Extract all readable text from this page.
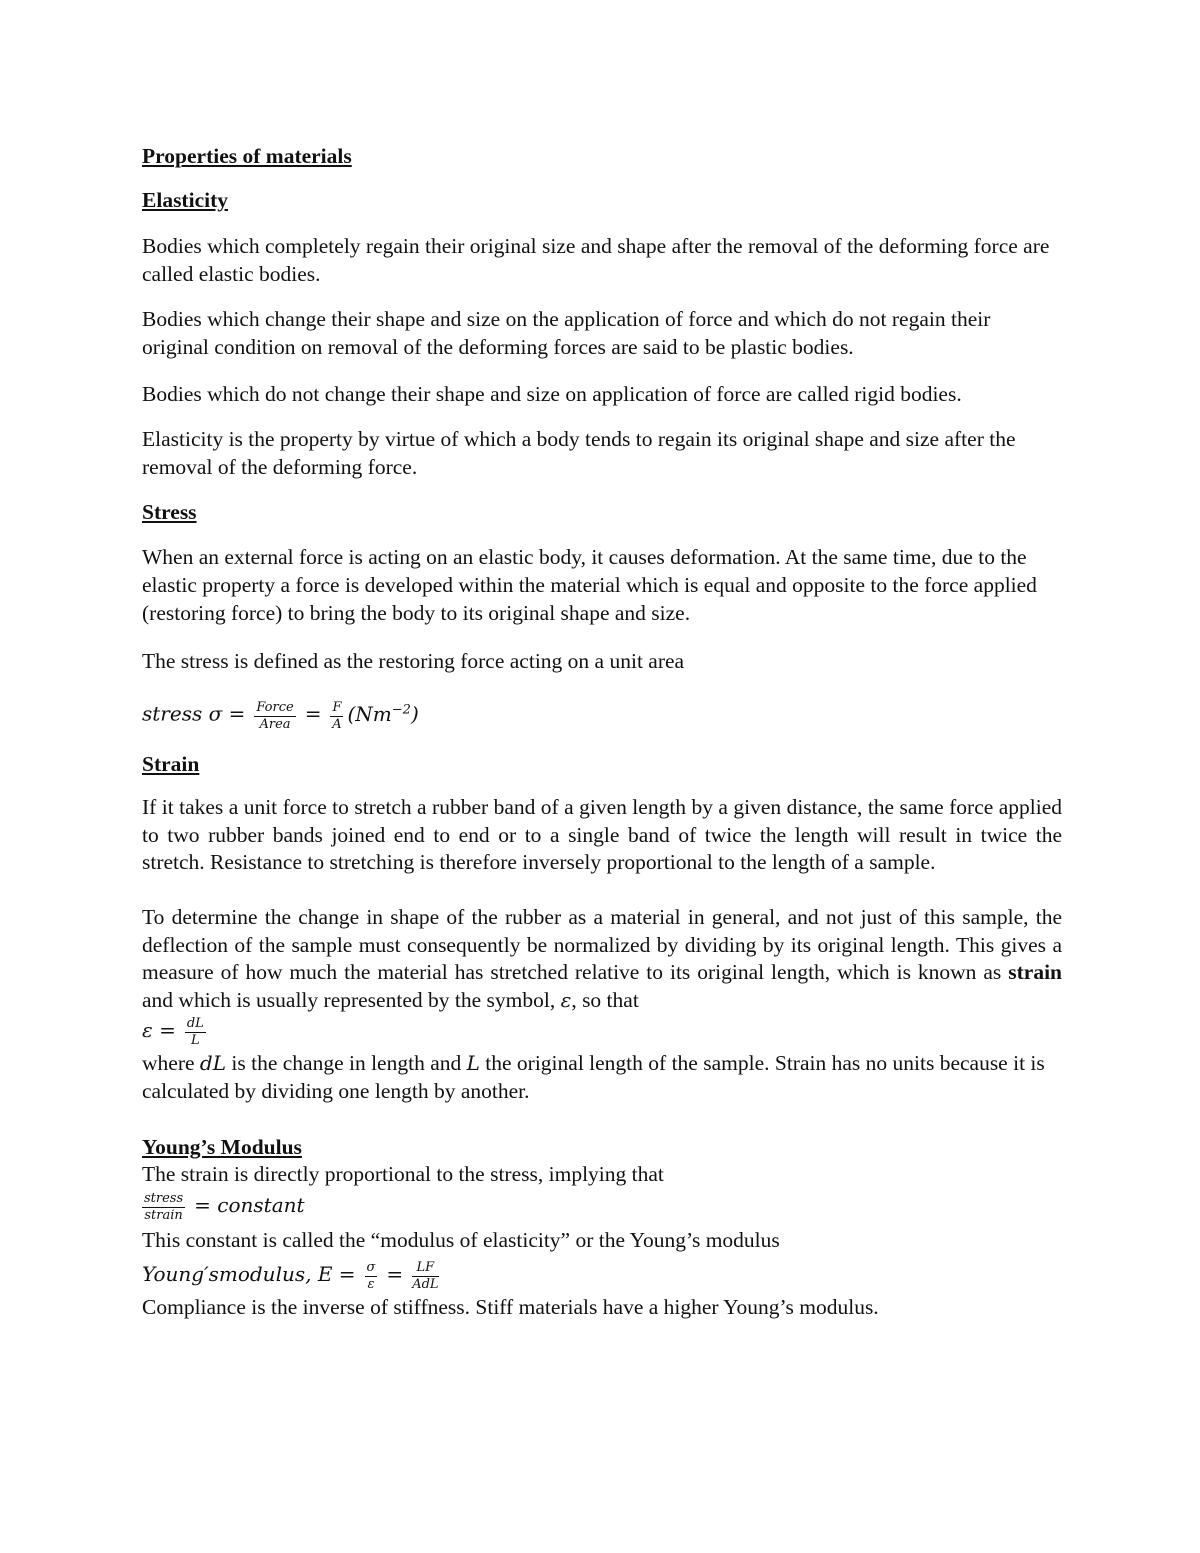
Properties of materials
Elasticity
Bodies which completely regain their original size and shape after the removal of the deforming force are called elastic bodies.
Bodies which change their shape and size on the application of force and which do not regain their original condition on removal of the deforming forces are said to be plastic bodies.
Bodies which do not change their shape and size on application of force are called rigid bodies.
Elasticity is the property by virtue of which a body tends to regain its original shape and size after the removal of the deforming force.
Stress
When an external force is acting on an elastic body, it causes deformation. At the same time, due to the elastic property a force is developed within the material which is equal and opposite to the force applied (restoring force) to bring the body to its original shape and size.
The stress is defined as the restoring force acting on a unit area
stress $\sigma = \frac{\text{Force}}{\text{Area}} = \frac{F}{A} (Nm^{-2})$
Strain
If it takes a unit force to stretch a rubber band of a given length by a given distance, the same force applied to two rubber bands joined end to end or to a single band of twice the length will result in twice the stretch. Resistance to stretching is therefore inversely proportional to the length of a sample.
To determine the change in shape of the rubber as a material in general, and not just of this sample, the deflection of the sample must consequently be normalized by dividing by its original length. This gives a measure of how much the material has stretched relative to its original length, which is known as strain and which is usually represented by the symbol, ε, so that
$\varepsilon = \frac{dL}{L}$
where dL is the change in length and L the original length of the sample. Strain has no units because it is calculated by dividing one length by another.
Young’s Modulus
The strain is directly proportional to the stress, implying that
$\frac{\text{stress}}{\text{strain}}$ = constant
This constant is called the “modulus of elasticity” or the Young’s modulus
Young′smodulus, $E = \frac{\sigma}{\varepsilon} = \frac{LF}{\text{AdL}}$
Compliance is the inverse of stiffness. Stiff materials have a higher Young’s modulus.
